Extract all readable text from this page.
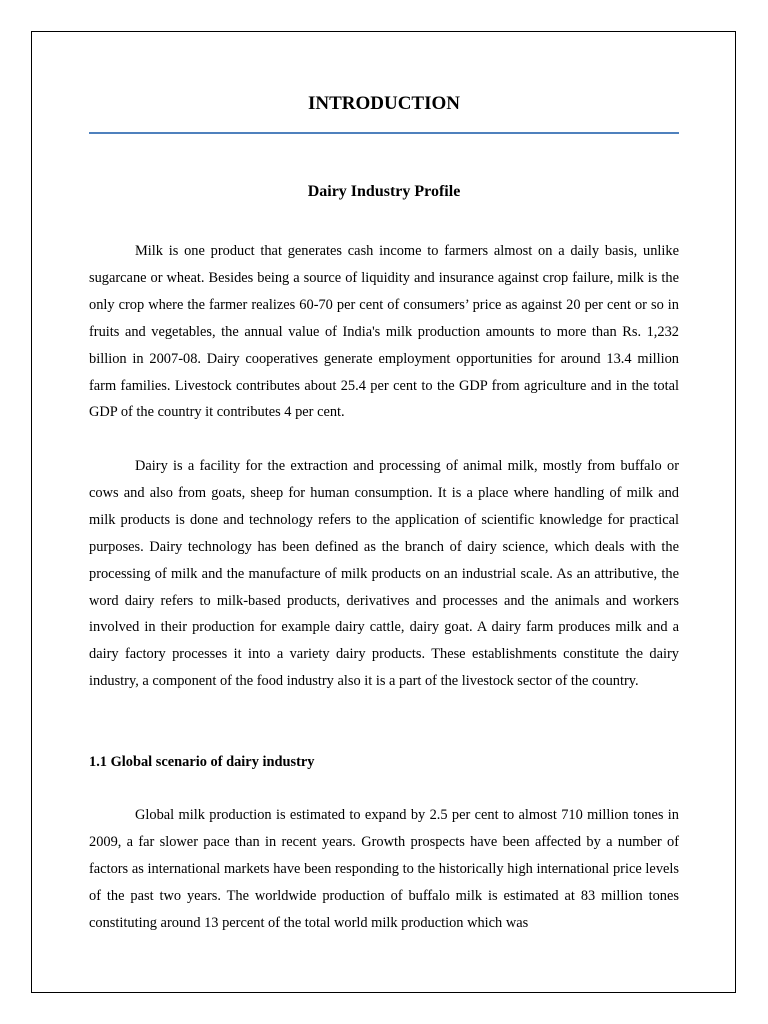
INTRODUCTION
Dairy Industry Profile

Milk is one product that generates cash income to farmers almost on a daily basis, unlike sugarcane or wheat. Besides being a source of liquidity and insurance against crop failure, milk is the only crop where the farmer realizes 60-70 per cent of consumers’ price as against 20 per cent or so in fruits and vegetables, the annual value of India's milk production amounts to more than Rs. 1,232 billion in 2007-08. Dairy cooperatives generate employment opportunities for around 13.4 million farm families. Livestock contributes about 25.4 per cent to the GDP from agriculture and in the total GDP of the country it contributes 4 per cent.

Dairy is a facility for the extraction and processing of animal milk, mostly from buffalo or cows and also from goats, sheep for human consumption. It is a place where handling of milk and milk products is done and technology refers to the application of scientific knowledge for practical purposes. Dairy technology has been defined as the branch of dairy science, which deals with the processing of milk and the manufacture of milk products on an industrial scale. As an attributive, the word dairy refers to milk-based products, derivatives and processes and the animals and workers involved in their production for example dairy cattle, dairy goat. A dairy farm produces milk and a dairy factory processes it into a variety dairy products. These establishments constitute the dairy industry, a component of the food industry also it is a part of the livestock sector of the country.

1.1 Global scenario of dairy industry

Global milk production is estimated to expand by 2.5 per cent to almost 710 million tones in 2009, a far slower pace than in recent years. Growth prospects have been affected by a number of factors as international markets have been responding to the historically high international price levels of the past two years. The worldwide production of buffalo milk is estimated at 83 million tones constituting around 13 percent of the total world milk production which was
